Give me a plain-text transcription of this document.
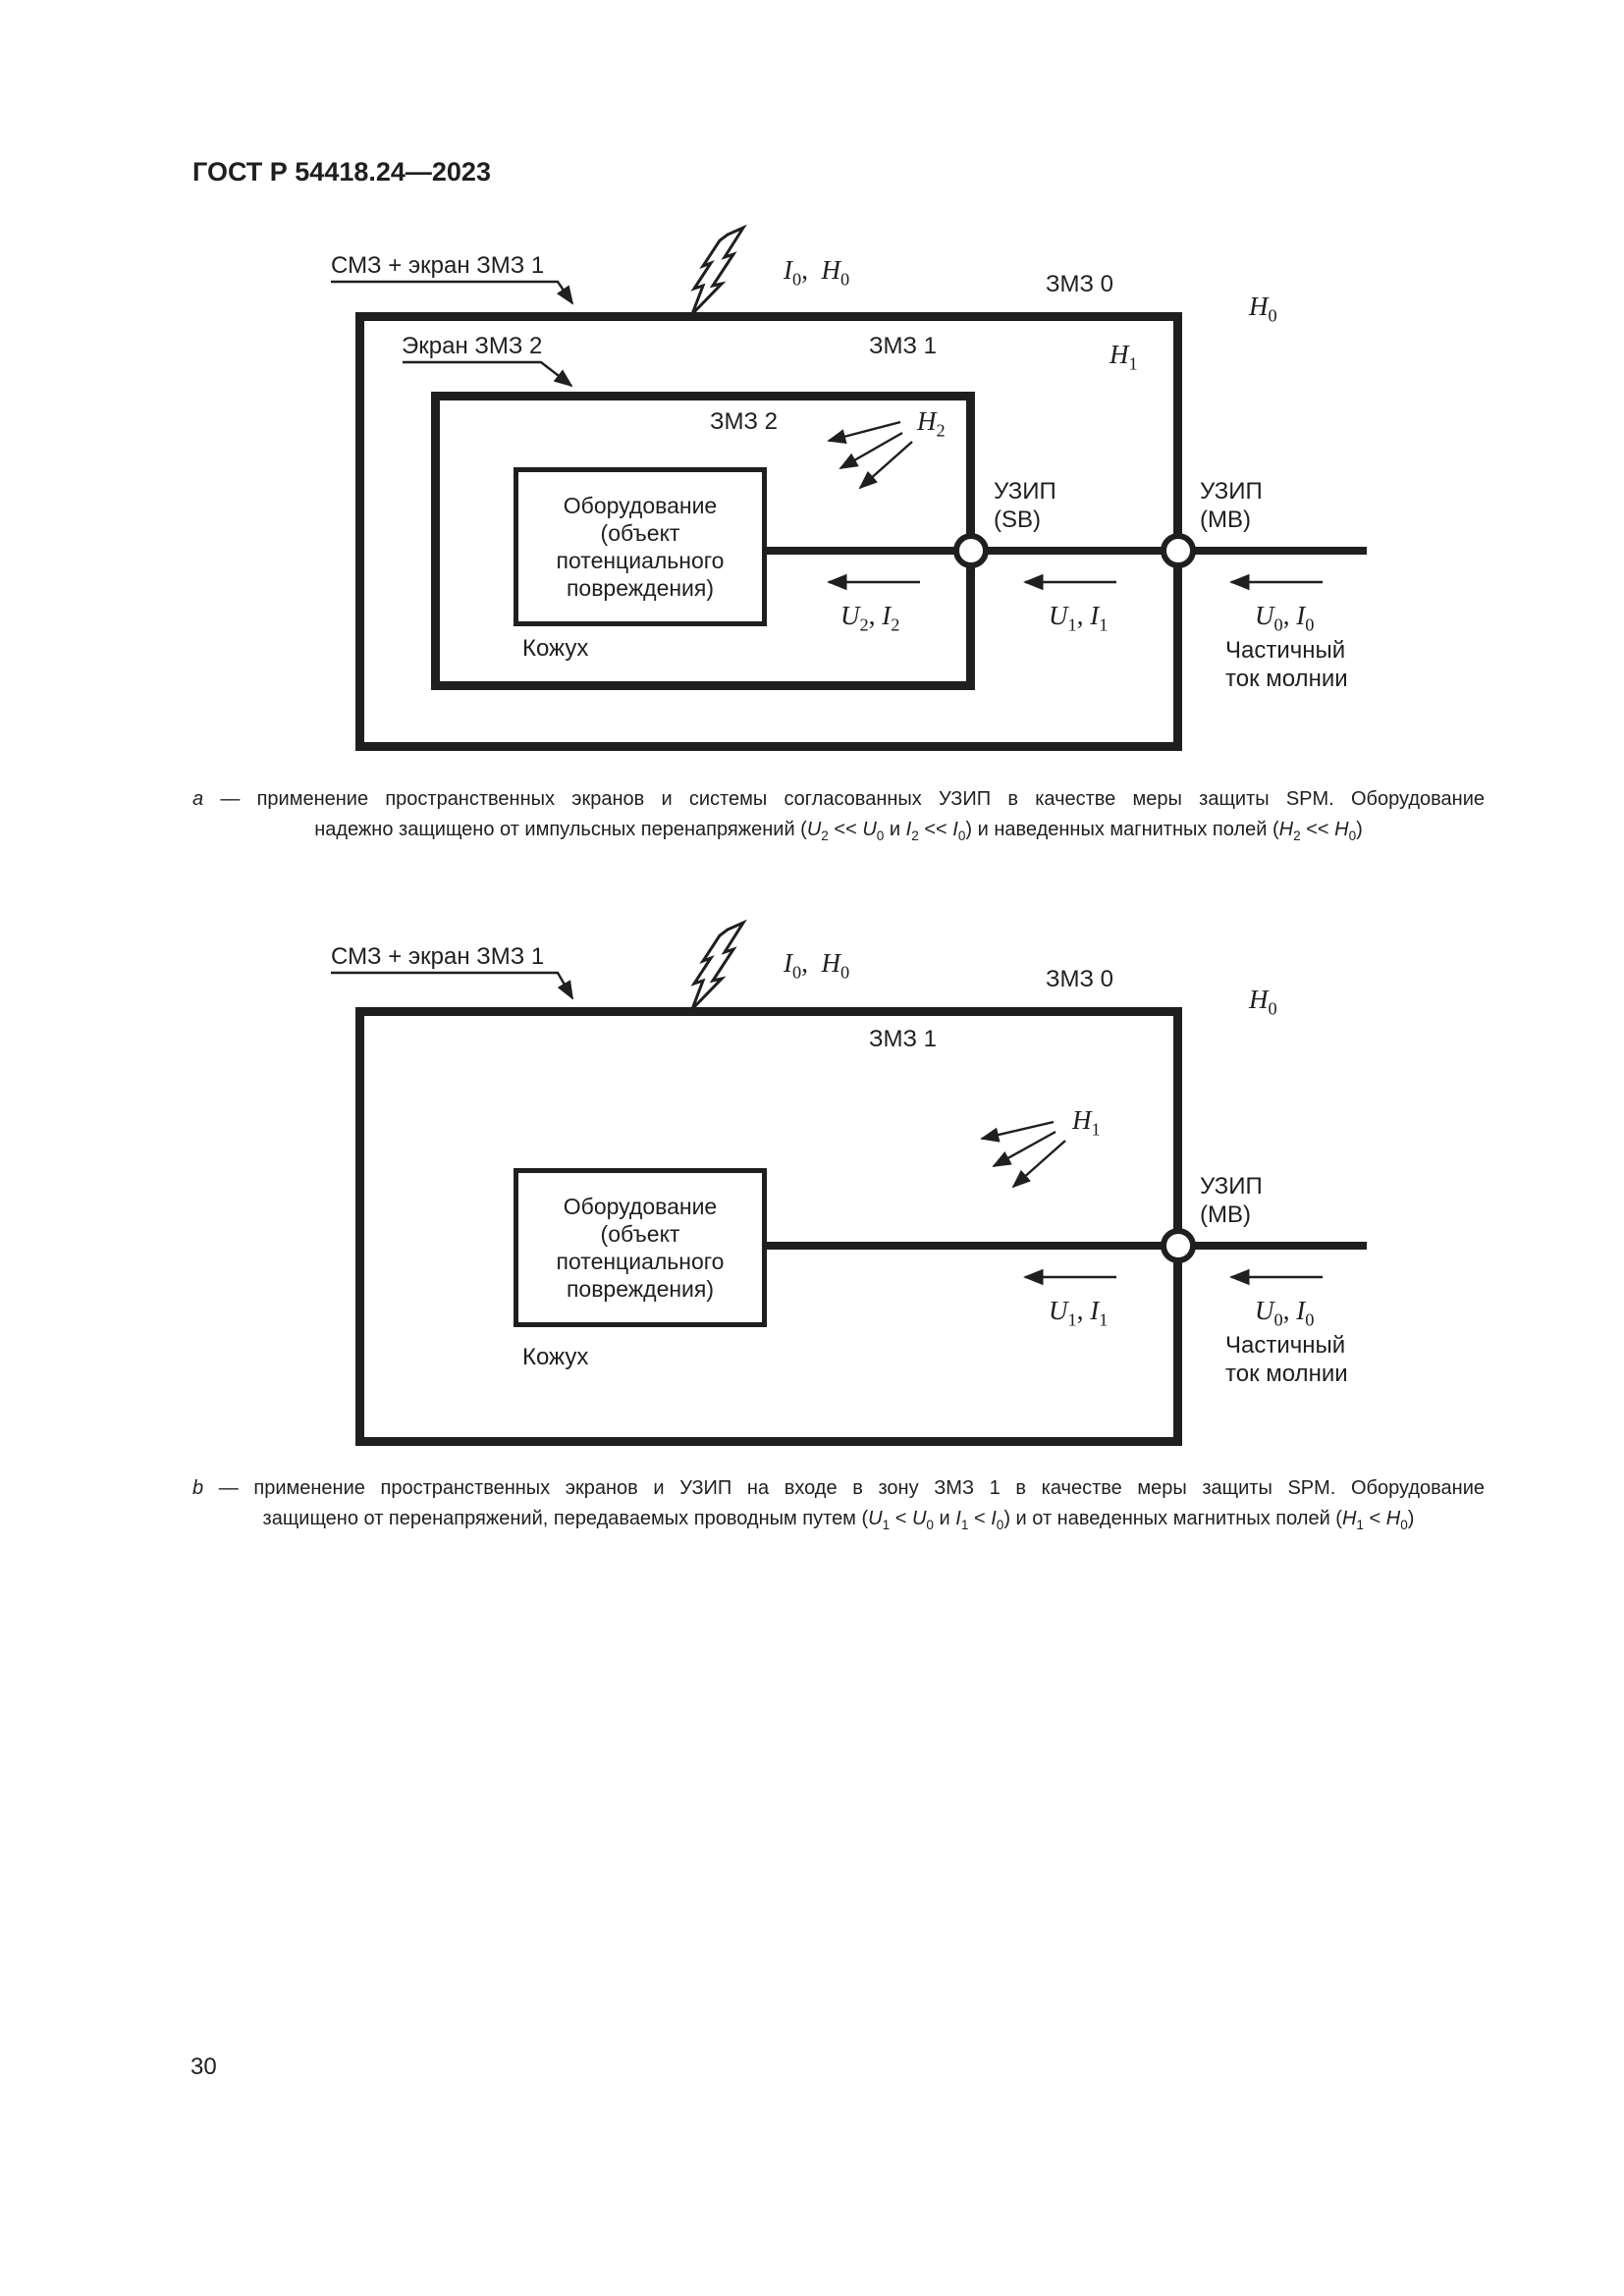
ГОСТ Р 54418.24—2023
Оборудование
(объект
потенциального
повреждения)
СМЗ + экран ЗМЗ 1	$I_0$,  $H_0$	ЗМЗ 0
$H_0$
ЗМЗ 1	$H_1$
Экран ЗМЗ 2
ЗМЗ 2	$H_2$
Кожух
УЗИП
(SB)
УЗИП
(МВ)
$U_2$, $I_2$	$U_1$, $I_1$	$U_0$, $I_0$
Частичный
ток молнии
a — применение пространственных экранов и системы согласованных УЗИП в качестве меры защиты SPM. Оборудование
надежно защищено от импульсных перенапряжений ($U_2 << U_0$ и $I_2 << I_0$) и наведенных магнитных полей $(H_2 << H_0)$
Оборудование
(объект
потенциального
повреждения)
СМЗ + экран ЗМЗ 1	$I_0$,  $H_0$	ЗМЗ 0
$H_0$
ЗМЗ 1
$H_1$
Кожух
УЗИП
(МВ)
$U_1$, $I_1$	$U_0$, $I_0$
Частичный
ток молнии
b — применение пространственных экранов и УЗИП на входе в зону ЗМЗ 1 в качестве меры защиты SPM. Оборудование
защищено от перенапряжений, передаваемых проводным путем ($U_1 < U_0$ и $I_1 < I_0$) и от наведенных магнитных полей $(H_1 < H_0)$
30
